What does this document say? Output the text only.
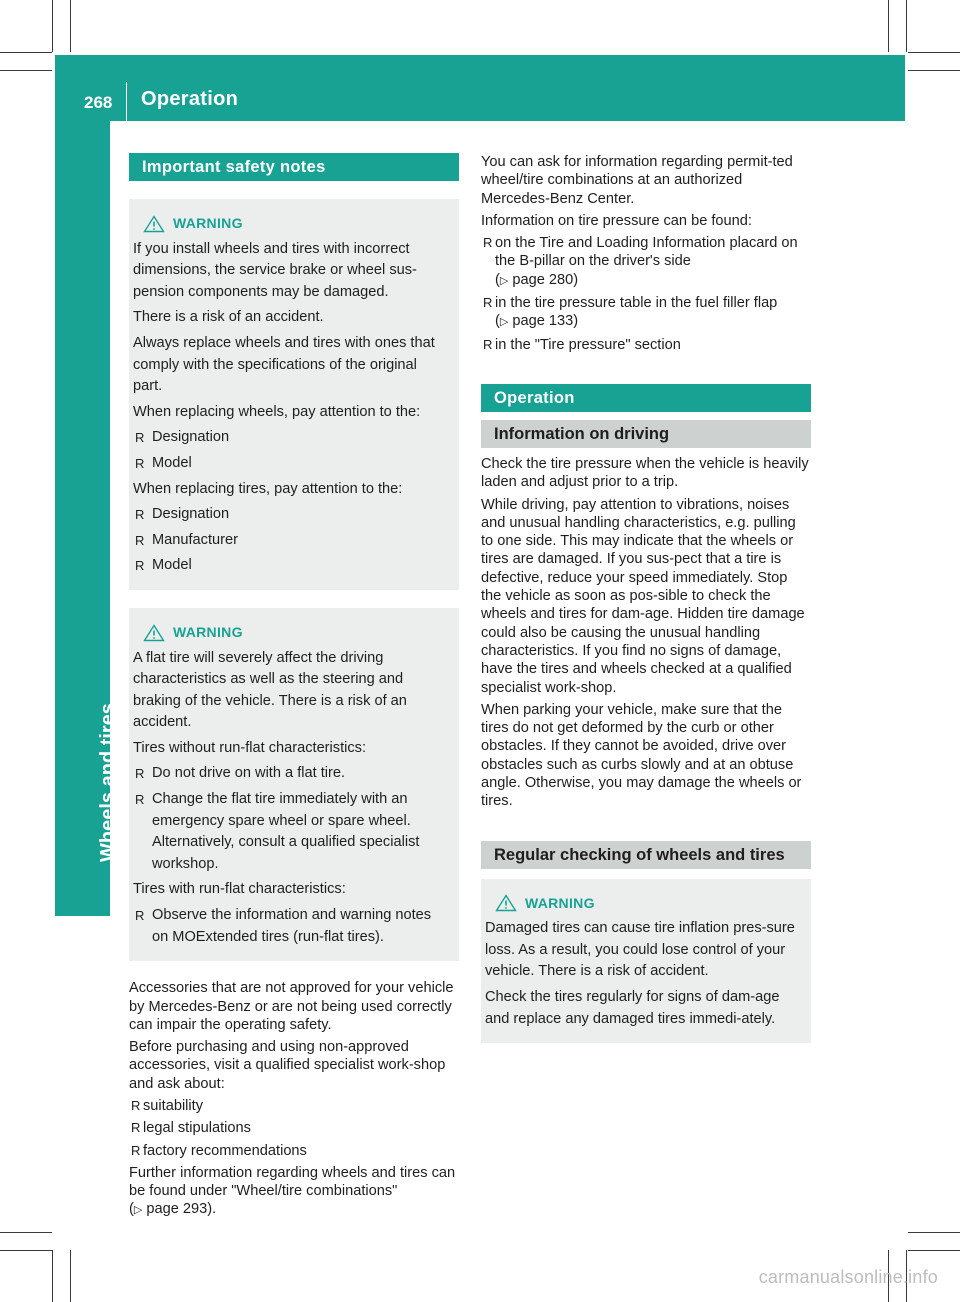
268 Operation
Wheels and tires
Important safety notes
WARNING

If you install wheels and tires with incorrect dimensions, the service brake or wheel sus-pension components may be damaged.

There is a risk of an accident.

Always replace wheels and tires with ones that comply with the specifications of the original part.

When replacing wheels, pay attention to the:

R Designation
R Model

When replacing tires, pay attention to the:

R Designation
R Manufacturer
R Model
WARNING

A flat tire will severely affect the driving characteristics as well as the steering and braking of the vehicle. There is a risk of an accident.

Tires without run-flat characteristics:

R Do not drive on with a flat tire.
R Change the flat tire immediately with an emergency spare wheel or spare wheel. Alternatively, consult a qualified specialist workshop.

Tires with run-flat characteristics:

R Observe the information and warning notes on MOExtended tires (run-flat tires).

Accessories that are not approved for your vehicle by Mercedes-Benz or are not being used correctly can impair the operating safety.

Before purchasing and using non-approved accessories, visit a qualified specialist work-shop and ask about:

R suitability
R legal stipulations
R factory recommendations

Further information regarding wheels and tires can be found under "Wheel/tire combinations"
(▷ page 293).

You can ask for information regarding permit-ted wheel/tire combinations at an authorized Mercedes-Benz Center.

Information on tire pressure can be found:

R on the Tire and Loading Information placard on the B-pillar on the driver's side
(▷ page 280)
R in the tire pressure table in the fuel filler flap
(▷ page 133)
R in the "Tire pressure" section
Operation
Information on driving

Check the tire pressure when the vehicle is heavily laden and adjust prior to a trip.

While driving, pay attention to vibrations, noises and unusual handling characteristics, e.g. pulling to one side. This may indicate that the wheels or tires are damaged. If you sus-pect that a tire is defective, reduce your speed immediately. Stop the vehicle as soon as pos-sible to check the wheels and tires for dam-age. Hidden tire damage could also be causing the unusual handling characteristics. If you find no signs of damage, have the tires and wheels checked at a qualified specialist work-shop.

When parking your vehicle, make sure that the tires do not get deformed by the curb or other obstacles. If they cannot be avoided, drive over obstacles such as curbs slowly and at an obtuse angle. Otherwise, you may damage the wheels or tires.

Regular checking of wheels and tires
WARNING

Damaged tires can cause tire inflation pres-sure loss. As a result, you could lose control of your vehicle. There is a risk of accident.

Check the tires regularly for signs of dam-age and replace any damaged tires immedi-ately.

carmanualsonline.info
